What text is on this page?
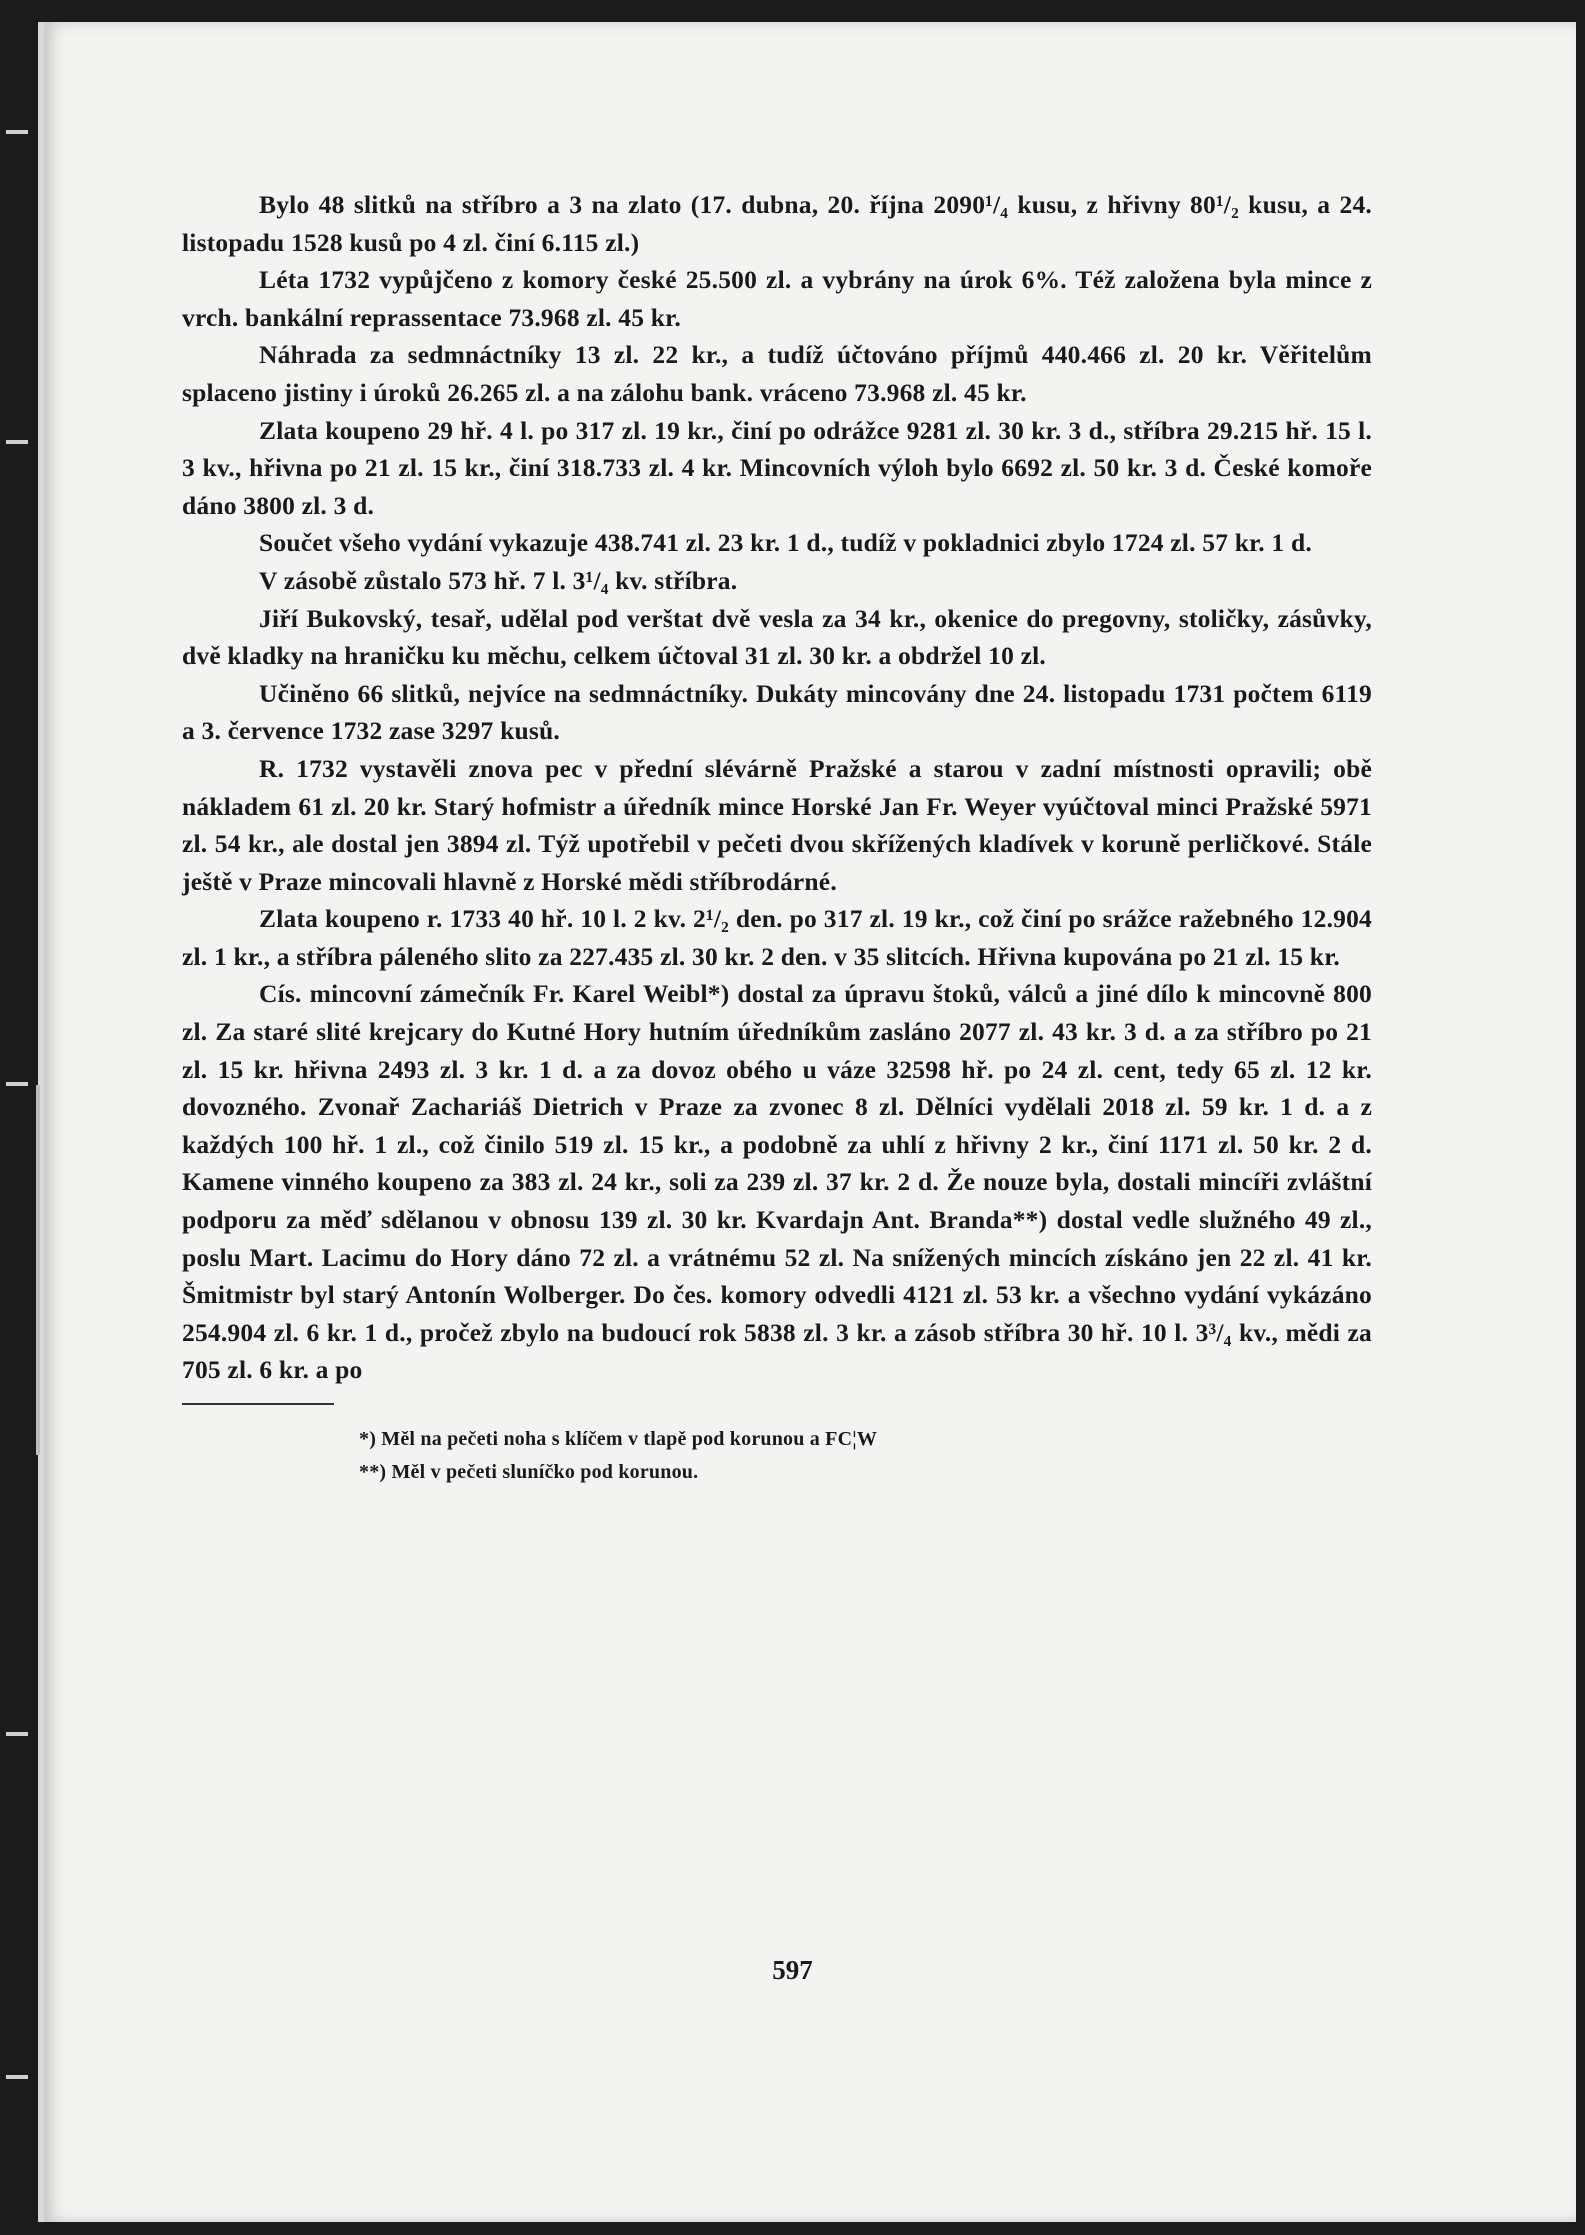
Bylo 48 slitků na stříbro a 3 na zlato (17. dubna, 20. října 2090¹/₄ kusu, z hřivny 80¹/₂ kusu, a 24. listopadu 1528 kusů po 4 zl. činí 6.115 zl.)

Léta 1732 vypůjčeno z komory české 25.500 zl. a vybrány na úrok 6%. Též založena byla mince z vrch. bankální reprassentace 73.968 zl. 45 kr.

Náhrada za sedmnáctníky 13 zl. 22 kr., a tudíž účtováno příjmů 440.466 zl. 20 kr. Věřitelům splaceno jistiny i úroků 26.265 zl. a na zálohu bank. vráceno 73.968 zl. 45 kr.

Zlata koupeno 29 hř. 4 l. po 317 zl. 19 kr., činí po odrážce 9281 zl. 30 kr. 3 d., stříbra 29.215 hř. 15 l. 3 kv., hřivna po 21 zl. 15 kr., činí 318.733 zl. 4 kr. Mincovních výloh bylo 6692 zl. 50 kr. 3 d. České komoře dáno 3800 zl. 3 d.

Součet všeho vydání vykazuje 438.741 zl. 23 kr. 1 d., tudíž v pokladnici zbylo 1724 zl. 57 kr. 1 d.

V zásobě zůstalo 573 hř. 7 l. 3¹/₄ kv. stříbra.

Jiří Bukovský, tesař, udělal pod verštat dvě vesla za 34 kr., okenice do pregovny, stoličky, zásůvky, dvě kladky na hraničku ku měchu, celkem účtoval 31 zl. 30 kr. a obdržel 10 zl.

Učiněno 66 slitků, nejvíce na sedmnáctníky. Dukáty mincovány dne 24. listopadu 1731 počtem 6119 a 3. července 1732 zase 3297 kusů.

R. 1732 vystavěli znova pec v přední slévárně Pražské a starou v zadní místnosti opravili; obě nákladem 61 zl. 20 kr. Starý hofmistr a úředník mince Horské Jan Fr. Weyer vyúčtoval minci Pražské 5971 zl. 54 kr., ale dostal jen 3894 zl. Týž upotřebil v pečeti dvou skřížených kladívek v koruně perličkové. Stále ještě v Praze mincovali hlavně z Horské mědi stříbrodárné.

Zlata koupeno r. 1733 40 hř. 10 l. 2 kv. 2¹/₂ den. po 317 zl. 19 kr., což činí po srážce ražebného 12.904 zl. 1 kr., a stříbra páleného slito za 227.435 zl. 30 kr. 2 den. v 35 slitcích. Hřivna kupována po 21 zl. 15 kr.

Cís. mincovní zámečník Fr. Karel Weibl*) dostal za úpravu štoků, válců a jiné dílo k mincovně 800 zl. Za staré slité krejcary do Kutné Hory hutním úředníkům zasláno 2077 zl. 43 kr. 3 d. a za stříbro po 21 zl. 15 kr. hřivna 2493 zl. 3 kr. 1 d. a za dovoz obého u váze 32598 hř. po 24 zl. cent, tedy 65 zl. 12 kr. dovozného. Zvonař Zachariáš Dietrich v Praze za zvonec 8 zl. Dělníci vydělali 2018 zl. 59 kr. 1 d. a z každých 100 hř. 1 zl., což činilo 519 zl. 15 kr., a podobně za uhlí z hřivny 2 kr., činí 1171 zl. 50 kr. 2 d. Kamene vinného koupeno za 383 zl. 24 kr., soli za 239 zl. 37 kr. 2 d. Že nouze byla, dostali mincíři zvláštní podporu za měď sdělanou v obnosu 139 zl. 30 kr. Kvardajn Ant. Branda**) dostal vedle služného 49 zl., poslu Mart. Lacimu do Hory dáno 72 zl. a vrátnému 52 zl. Na snížených mincích získáno jen 22 zl. 41 kr. Šmitmistr byl starý Antonín Wolberger. Do čes. komory odvedli 4121 zl. 53 kr. a všechno vydání vykázáno 254.904 zl. 6 kr. 1 d., pročež zbylo na budoucí rok 5838 zl. 3 kr. a zásob stříbra 30 hř. 10 l. 3³/₄ kv., mědi za 705 zl. 6 kr. a po

*) Měl na pečeti noha s klíčem v tlapě pod korunou a FC¦W

**) Měl v pečeti sluníčko pod korunou.

597
